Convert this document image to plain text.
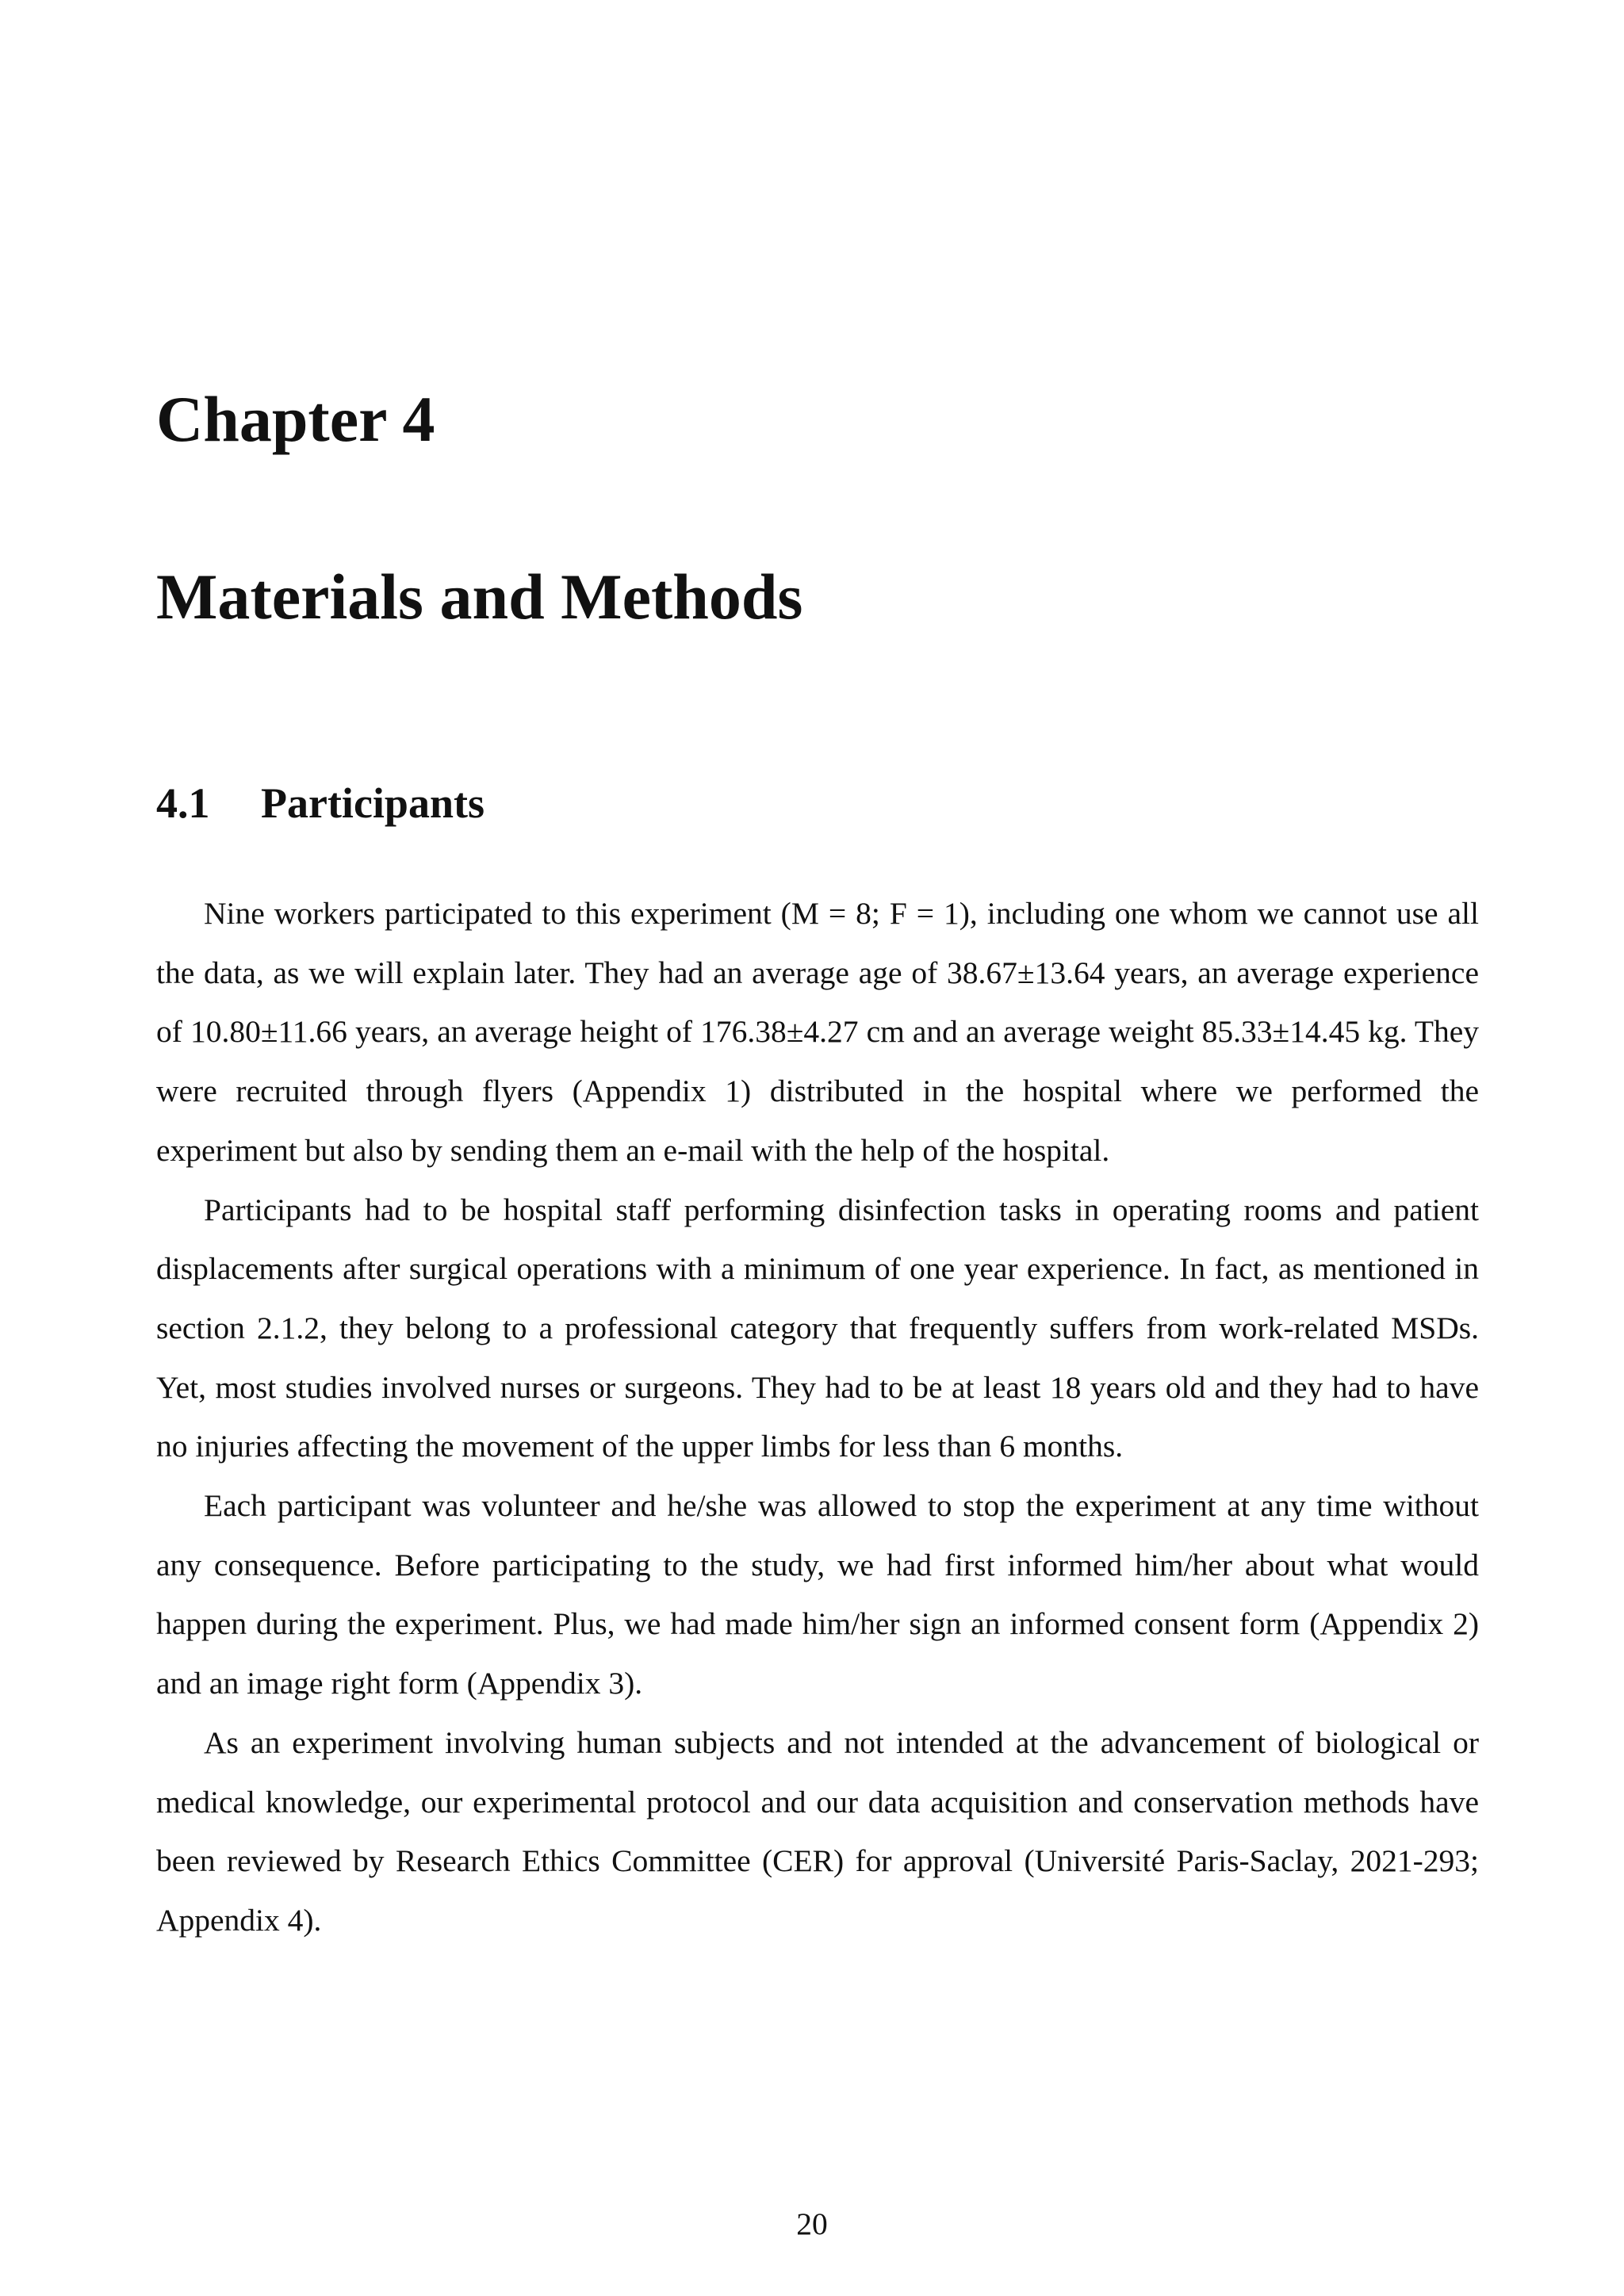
Chapter 4
Materials and Methods
4.1 Participants

Nine workers participated to this experiment (M = 8; F = 1), including one whom we cannot use all the data, as we will explain later. They had an average age of 38.67±13.64 years, an average experience of 10.80±11.66 years, an average height of 176.38±4.27 cm and an average weight 85.33±14.45 kg. They were recruited through flyers (Appendix 1) distributed in the hospital where we performed the experiment but also by sending them an e-mail with the help of the hospital.

Participants had to be hospital staff performing disinfection tasks in operating rooms and patient displacements after surgical operations with a minimum of one year experience. In fact, as mentioned in section 2.1.2, they belong to a professional category that frequently suffers from work-related MSDs. Yet, most studies involved nurses or surgeons. They had to be at least 18 years old and they had to have no injuries affecting the movement of the upper limbs for less than 6 months.

Each participant was volunteer and he/she was allowed to stop the experiment at any time without any consequence. Before participating to the study, we had first informed him/her about what would happen during the experiment. Plus, we had made him/her sign an informed consent form (Appendix 2) and an image right form (Appendix 3).

As an experiment involving human subjects and not intended at the advancement of biological or medical knowledge, our experimental protocol and our data acquisition and conservation methods have been reviewed by Research Ethics Committee (CER) for approval (Université Paris-Saclay, 2021-293; Appendix 4).

20
